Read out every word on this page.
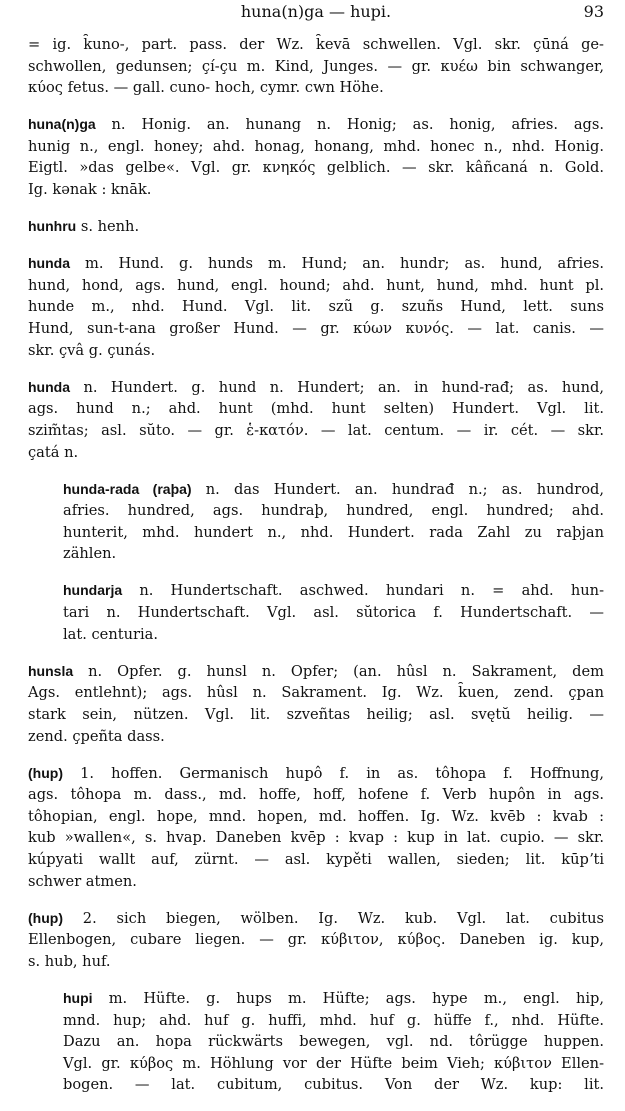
huna(n)ga — hupi.	93
= ig. k̑uno-, part. pass. der Wz. k̑evā schwellen. Vgl. skr. çūná ge-
schwollen, gedunsen; çí-çu m. Kind, Junges. — gr. κυέω bin schwanger,
κύος fetus. — gall. cuno- hoch, cymr. cwn Höhe.
huna(n)ga n. Honig. an. hunang n. Honig; as. honig, afries. ags.
hunig n., engl. honey; ahd. honag, honang, mhd. honec n., nhd. Honig.
Eigtl. »das gelbe«. Vgl. gr. κνηκός gelblich. — skr. kâñcaná n. Gold.
Ig. kənak : knāk.
hunhru s. henh.
hunda m. Hund. g. hunds m. Hund; an. hundr; as. hund, afries.
hund, hond, ags. hund, engl. hound; ahd. hunt, hund, mhd. hunt pl.
hunde m., nhd. Hund. Vgl. lit. szũ g. szuñs Hund, lett. suns
Hund, sun-t-ana großer Hund. — gr. κύων κυνός. — lat. canis. —
skr. çvâ g. çunás.
hunda n. Hundert. g. hund n. Hundert; an. in hund-rađ; as. hund,
ags. hund n.; ahd. hunt (mhd. hunt selten) Hundert. Vgl. lit.
szim̃tas; asl. sŭto. — gr. ἑ-κατόν. — lat. centum. — ir. cét. — skr.
çatá n.
hunda-rada (raþa) n. das Hundert. an. hundrađ n.; as. hundrod,
afries. hundred, ags. hundraþ, hundred, engl. hundred; ahd.
hunterit, mhd. hundert n., nhd. Hundert. rada Zahl zu raþjan
zählen.
hundarja n. Hundertschaft. aschwed. hundari n. = ahd. hun-
tari n. Hundertschaft. Vgl. asl. sŭtorica f. Hundertschaft. —
lat. centuria.
hunsla n. Opfer. g. hunsl n. Opfer; (an. hûsl n. Sakrament, dem
Ags. entlehnt); ags. hûsl n. Sakrament. Ig. Wz. k̑uen, zend. çpan
stark sein, nützen. Vgl. lit. szveñtas heilig; asl. svętŭ heilig. —
zend. çpeñta dass.
(hup) 1. hoffen. Germanisch hupô f. in as. tôhopa f. Hoffnung,
ags. tôhopa m. dass., md. hoffe, hoff, hofene f. Verb hupôn in ags.
tôhopian, engl. hope, mnd. hopen, md. hoffen. Ig. Wz. kvēb : kvab :
kub »wallen«, s. hvap. Daneben kvēp : kvap : kup in lat. cupio. — skr.
kúpyati wallt auf, zürnt. — asl. kypěti wallen, sieden; lit. kūpʼti
schwer atmen.
(hup) 2. sich biegen, wölben. Ig. Wz. kub. Vgl. lat. cubitus
Ellenbogen, cubare liegen. — gr. κύβιτον, κύβος. Daneben ig. kup,
s. hub, huf.
hupi m. Hüfte. g. hups m. Hüfte; ags. hype m., engl. hip,
mnd. hup; ahd. huf g. huffi, mhd. huf g. hüffe f., nhd. Hüfte.
Dazu an. hopa rückwärts bewegen, vgl. nd. tôrügge huppen.
Vgl. gr. κύβος m. Höhlung vor der Hüfte beim Vieh; κύβιτον Ellen-
bogen. — lat. cubitum, cubitus. Von der Wz. kup: lit.
